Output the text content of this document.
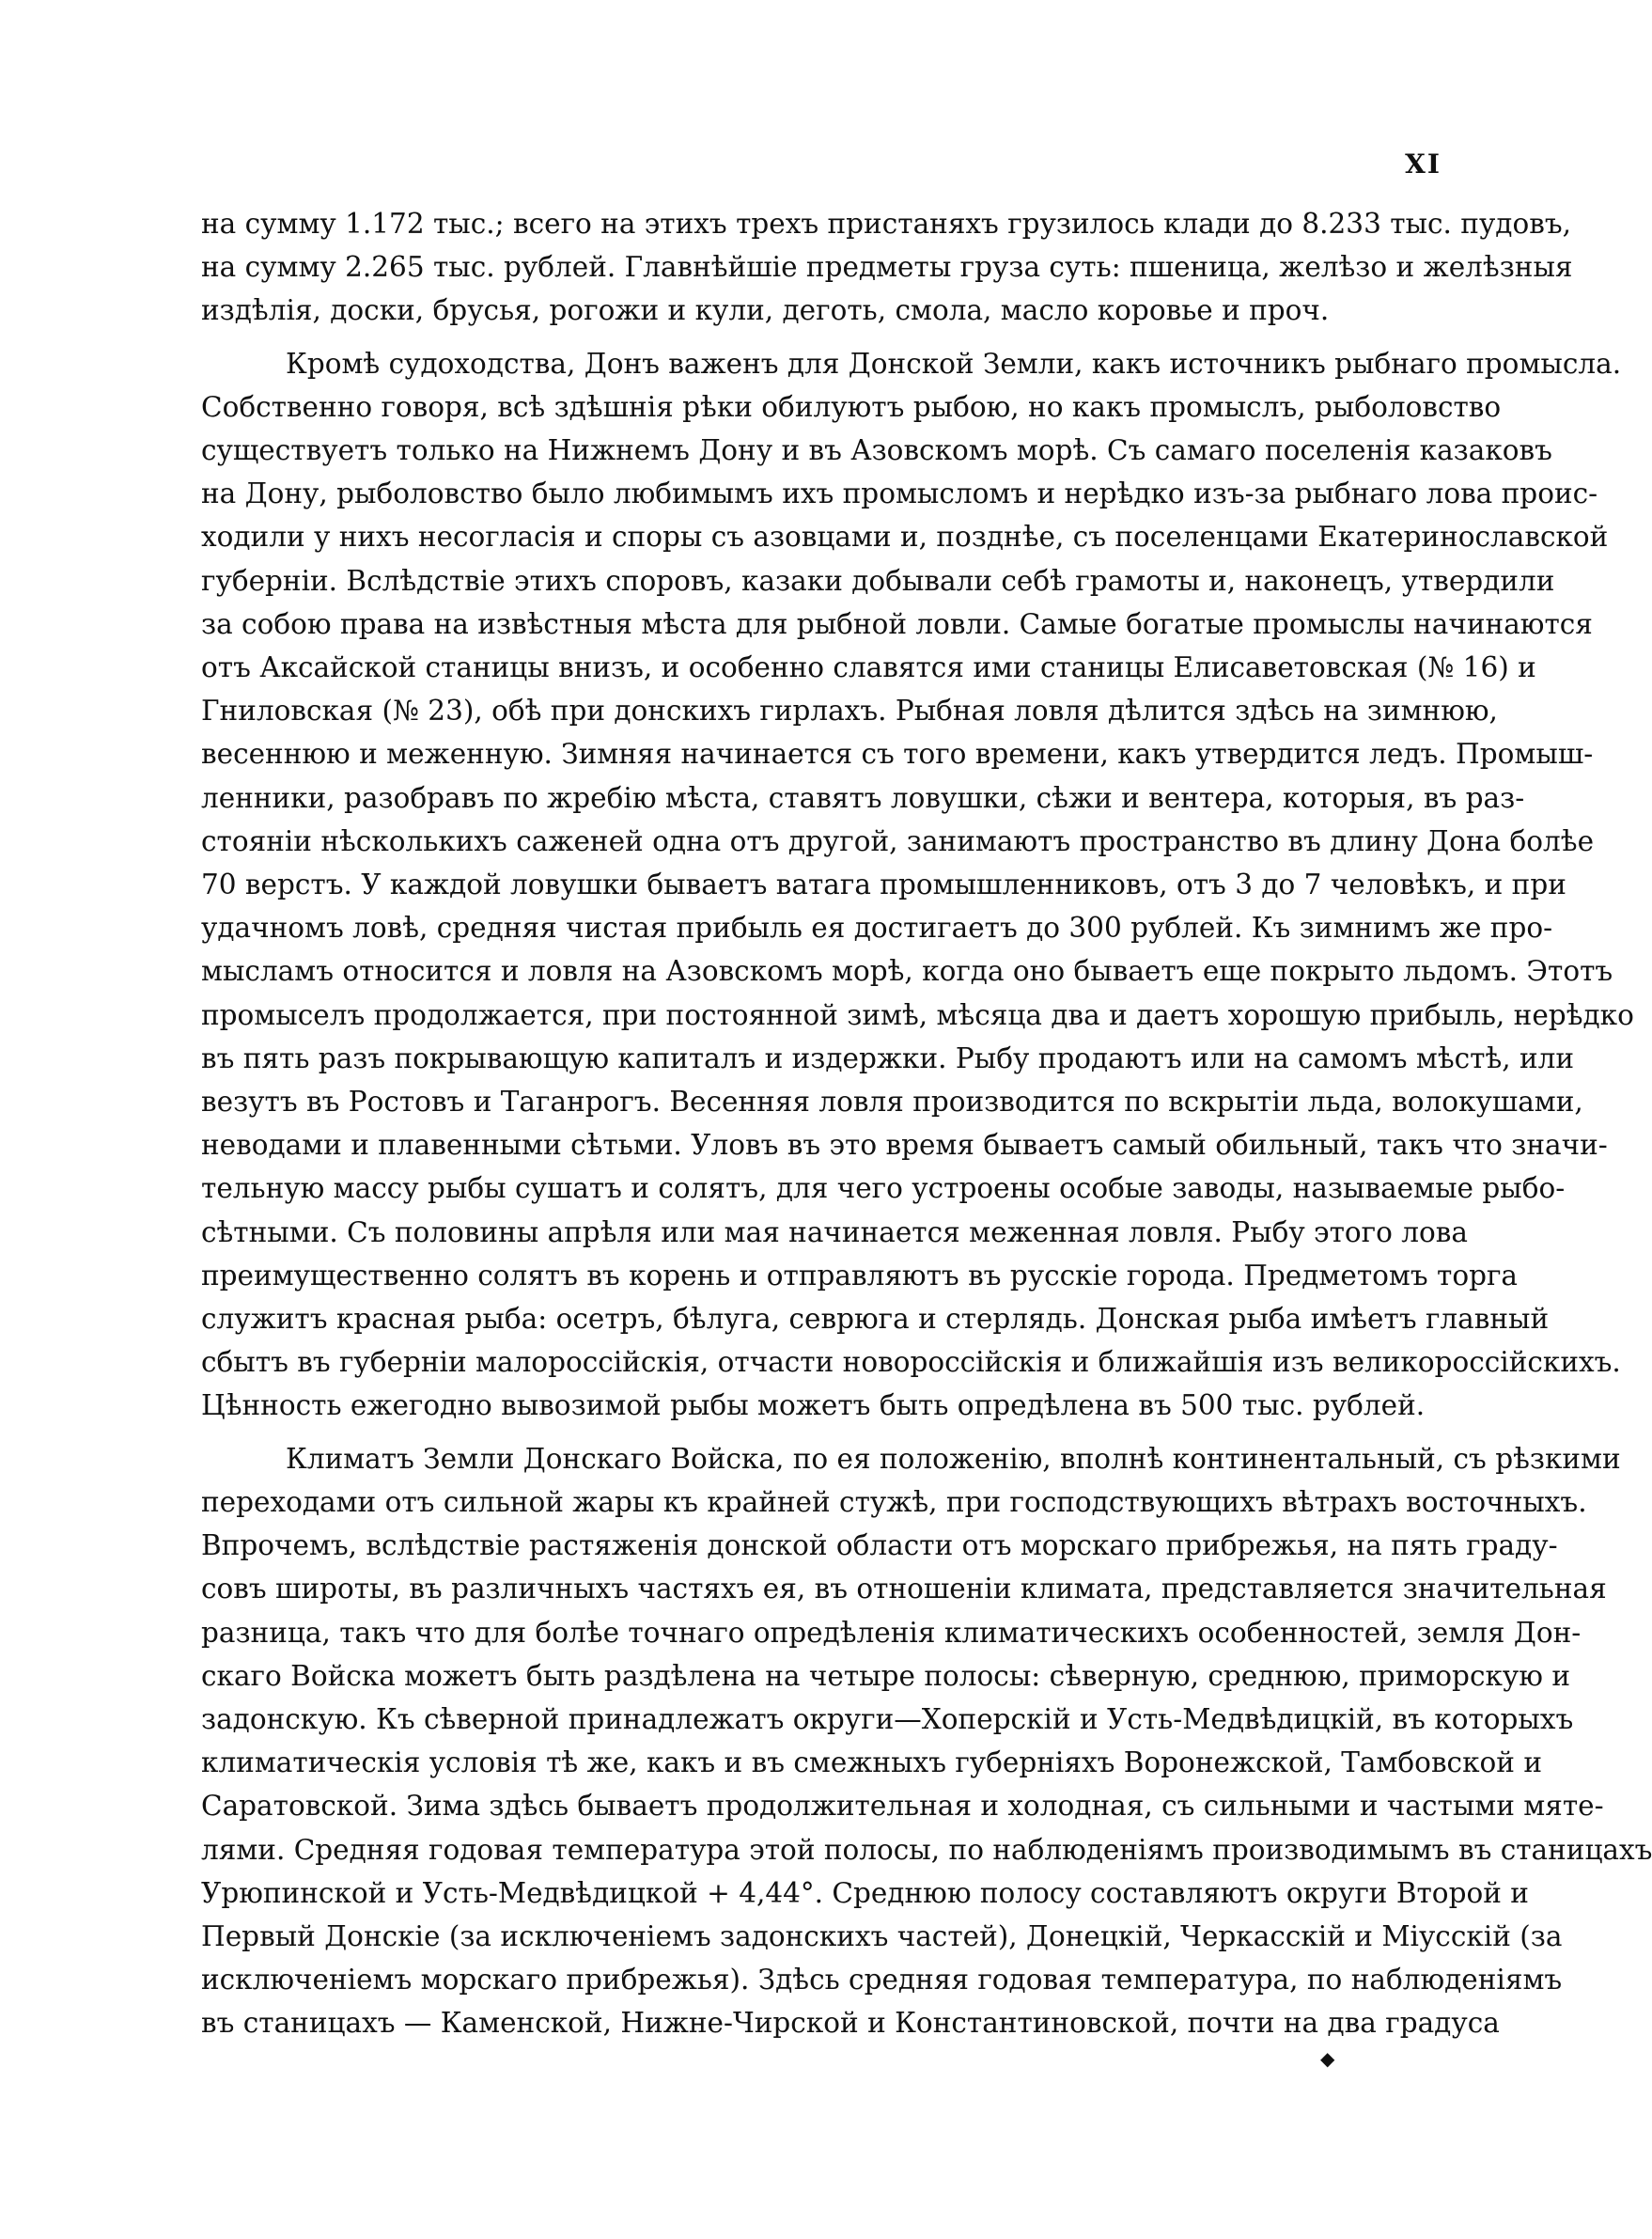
XI
на сумму 1.172 тыс.; всего на этихъ трехъ пристаняхъ грузилось клади до 8.233 тыс. пудовъ,
на сумму 2.265 тыс. рублей. Главнѣйшіе предметы груза суть: пшеница, желѣзо и желѣзныя
издѣлія, доски, брусья, рогожи и кули, деготь, смола, масло коровье и проч.
Кромѣ судоходства, Донъ важенъ для Донской Земли, какъ источникъ рыбнаго промысла.
Собственно говоря, всѣ здѣшнія рѣки обилуютъ рыбою, но какъ промыслъ, рыболовство
существуетъ только на Нижнемъ Дону и въ Азовскомъ морѣ. Съ самаго поселенія казаковъ
на Дону, рыболовство было любимымъ ихъ промысломъ и нерѣдко изъ-за рыбнаго лова проис-
ходили у нихъ несогласія и споры съ азовцами и, позднѣе, съ поселенцами Екатеринославской
губерніи. Вслѣдствіе этихъ споровъ, казаки добывали себѣ грамоты и, наконецъ, утвердили
за собою права на извѣстныя мѣста для рыбной ловли. Самые богатые промыслы начинаются
отъ Аксайской станицы внизъ, и особенно славятся ими станицы Елисаветовская (№ 16) и
Гниловская (№ 23), обѣ при донскихъ гирлахъ. Рыбная ловля дѣлится здѣсь на зимнюю,
весеннюю и меженную. Зимняя начинается съ того времени, какъ утвердится ледъ. Промыш-
ленники, разобравъ по жребію мѣста, ставятъ ловушки, сѣжи и вентера, которыя, въ раз-
стояніи нѣсколькихъ саженей одна отъ другой, занимаютъ пространство въ длину Дона болѣе
70 верстъ. У каждой ловушки бываетъ ватага промышленниковъ, отъ 3 до 7 человѣкъ, и при
удачномъ ловѣ, средняя чистая прибыль ея достигаетъ до 300 рублей. Къ зимнимъ же про-
мысламъ относится и ловля на Азовскомъ морѣ, когда оно бываетъ еще покрыто льдомъ. Этотъ
промыселъ продолжается, при постоянной зимѣ, мѣсяца два и даетъ хорошую прибыль, нерѣдко
въ пять разъ покрывающую капиталъ и издержки. Рыбу продаютъ или на самомъ мѣстѣ, или
везутъ въ Ростовъ и Таганрогъ. Весенняя ловля производится по вскрытіи льда, волокушами,
неводами и плавенными сѣтьми. Уловъ въ это время бываетъ самый обильный, такъ что значи-
тельную массу рыбы сушатъ и солятъ, для чего устроены особые заводы, называемые рыбо-
сѣтными. Съ половины апрѣля или мая начинается меженная ловля. Рыбу этого лова
преимущественно солятъ въ корень и отправляютъ въ русскіе города. Предметомъ торга
служитъ красная рыба: осетръ, бѣлуга, севрюга и стерлядь. Донская рыба имѣетъ главный
сбытъ въ губерніи малороссійскія, отчасти новороссійскія и ближайшія изъ великороссійскихъ.
Цѣнность ежегодно вывозимой рыбы можетъ быть опредѣлена въ 500 тыс. рублей.
Климатъ Земли Донскаго Войска, по ея положенію, вполнѣ континентальный, съ рѣзкими
переходами отъ сильной жары къ крайней стужѣ, при господствующихъ вѣтрахъ восточныхъ.
Впрочемъ, вслѣдствіе растяженія донской области отъ морскаго прибрежья, на пять граду-
совъ широты, въ различныхъ частяхъ ея, въ отношеніи климата, представляется значительная
разница, такъ что для болѣе точнаго опредѣленія климатическихъ особенностей, земля Дон-
скаго Войска можетъ быть раздѣлена на четыре полосы: сѣверную, среднюю, приморскую и
задонскую. Къ сѣверной принадлежатъ округи—Хоперскій и Усть-Медвѣдицкій, въ которыхъ
климатическія условія тѣ же, какъ и въ смежныхъ губерніяхъ Воронежской, Тамбовской и
Саратовской. Зима здѣсь бываетъ продолжительная и холодная, съ сильными и частыми мяте-
лями. Средняя годовая температура этой полосы, по наблюденіямъ производимымъ въ станицахъ
Урюпинской и Усть-Медвѣдицкой + 4,44°. Среднюю полосу составляютъ округи Второй и
Первый Донскіе (за исключеніемъ задонскихъ частей), Донецкій, Черкасскій и Міусскій (за
исключеніемъ морскаго прибрежья). Здѣсь средняя годовая температура, по наблюденіямъ
въ станицахъ — Каменской, Нижне-Чирской и Константиновской, почти на два градуса
◆
